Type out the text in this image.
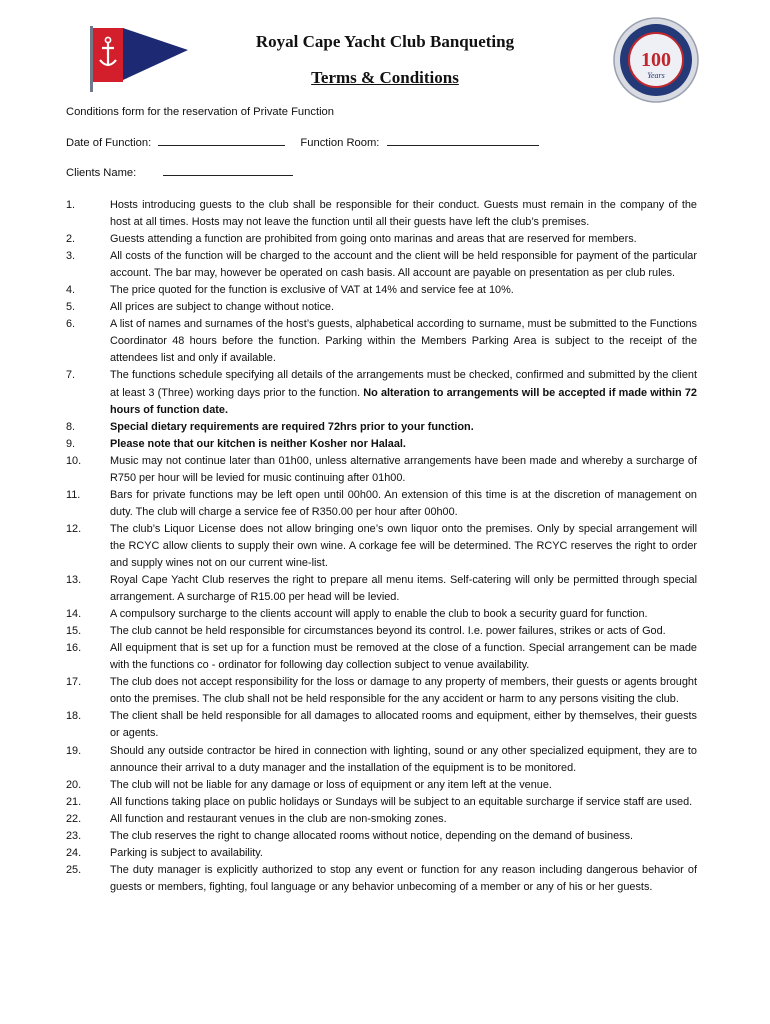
100
Years
Royal Cape Yacht Club Banqueting
Terms & Conditions
Conditions form for the reservation of Private Function
Date of Function:	Function Room:
Clients Name:
1.	Hosts introducing guests to the club shall be responsible for their conduct. Guests must remain in the company of the host at all times. Hosts may not leave the function until all their guests have left the club’s premises.
2.	Guests attending a function are prohibited from going onto marinas and areas that are reserved for members.
3.	All costs of the function will be charged to the account and the client will be held responsible for payment of the particular account. The bar may, however be operated on cash basis. All account are payable on presentation as per club rules.
4.	The price quoted for the function is exclusive of VAT at 14% and service fee at 10%.
5.	All prices are subject to change without notice.
6.	A list of names and surnames of the host’s guests, alphabetical according to surname, must be submitted to the Functions Coordinator 48 hours before the function. Parking within the Members Parking Area is subject to the receipt of the attendees list and only if available.
7.	The functions schedule specifying all details of the arrangements must be checked, confirmed and submitted by the client at least 3 (Three) working days prior to the function. No alteration to arrangements will be accepted if made within 72 hours of function date.
8.	Special dietary requirements are required 72hrs prior to your function.
9.	Please note that our kitchen is neither Kosher nor Halaal.
10.	Music may not continue later than 01h00, unless alternative arrangements have been made and whereby a surcharge of R750 per hour will be levied for music continuing after 01h00.
11.	Bars for private functions may be left open until 00h00. An extension of this time is at the discretion of management on duty. The club will charge a service fee of R350.00 per hour after 00h00.
12.	The club’s Liquor License does not allow bringing one’s own liquor onto the premises. Only by special arrangement will the RCYC allow clients to supply their own wine. A corkage fee will be determined. The RCYC reserves the right to order and supply wines not on our current wine-list.
13.	Royal Cape Yacht Club reserves the right to prepare all menu items. Self-catering will only be permitted through special arrangement. A surcharge of R15.00 per head will be levied.
14.	A compulsory surcharge to the clients account will apply to enable the club to book a security guard for function.
15.	The club cannot be held responsible for circumstances beyond its control. I.e. power failures, strikes or acts of God.
16.	All equipment that is set up for a function must be removed at the close of a function. Special arrangement can be made with the functions co - ordinator for following day collection subject to venue availability.
17.	The club does not accept responsibility for the loss or damage to any property of members, their guests or agents brought onto the premises. The club shall not be held responsible for the any accident or harm to any persons visiting the club.
18.	The client shall be held responsible for all damages to allocated rooms and equipment, either by themselves, their guests or agents.
19.	Should any outside contractor be hired in connection with lighting, sound or any other specialized equipment, they are to announce their arrival to a duty manager and the installation of the equipment is to be monitored.
20.	The club will not be liable for any damage or loss of equipment or any item left at the venue.
21.	All functions taking place on public holidays or Sundays will be subject to an equitable surcharge if service staff are used.
22.	All function and restaurant venues in the club are non-smoking zones.
23.	The club reserves the right to change allocated rooms without notice, depending on the demand of business.
24.	Parking is subject to availability.
25.	The duty manager is explicitly authorized to stop any event or function for any reason including dangerous behavior of guests or members, fighting, foul language or any behavior unbecoming of a member or any of his or her guests.
